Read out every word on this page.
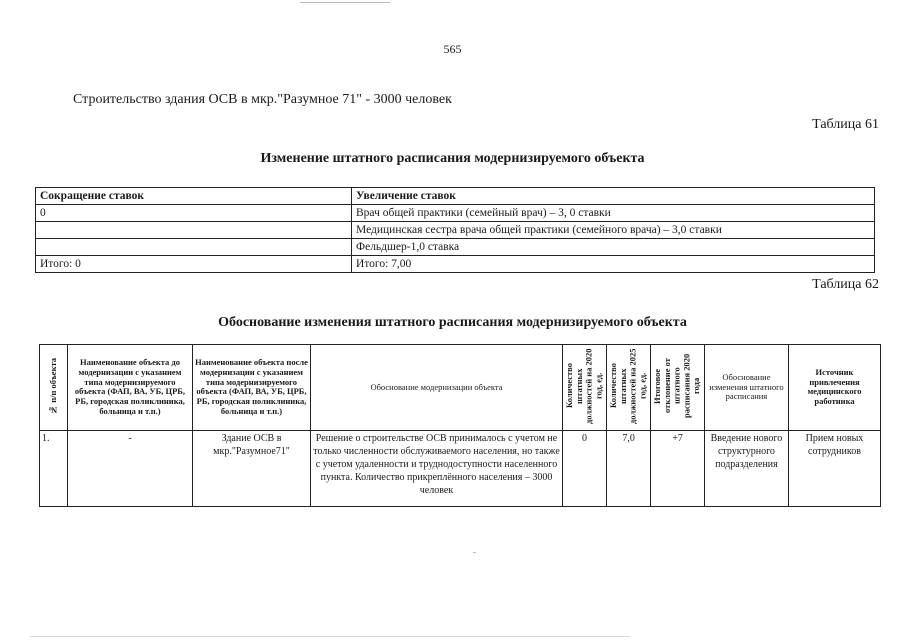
565
Строительство здания ОСВ в мкр."Разумное 71" - 3000 человек
Таблица 61
Изменение штатного расписания модернизируемого объекта
Сокращение ставок	Увеличение ставок
0	Врач общей практики (семейный врач) – 3, 0 ставки
	Медицинская сестра врача общей практики (семейного врача) – 3,0 ставки
	Фельдшер-1,0 ставка
Итого: 0	Итого: 7,00
Таблица 62
Обоснование изменения штатного расписания модернизируемого объекта
№ п/п объекта	Наименование объекта до модернизации с указанием типа модернизируемого объекта (ФАП, ВА, УБ, ЦРБ, РБ, городская поликлиника, больница и т.п.)	Наименование объекта после модернизации с указанием типа модернизируемого объекта (ФАП, ВА, УБ, ЦРБ, РБ, городская поликлиника, больница и т.п.)	Обоснование модернизации объекта	Количество штатных должностей на 2020 год, ед.	Количество штатных должностей на 2025 год, ед.	Итоговое отклонение от штатного расписания 2020 года	Обоснование изменения штатного расписания	Источник привлечения медицинского работника
1.	-	Здание ОСВ в мкр."Разумное71"	Решение о строительстве ОСВ принималось с учетом не только численности обслуживаемого населения, но также с учетом удаленности и труднодоступности населенного пункта. Количество прикреплённого населения – 3000 человек	0	7,0	+7	Введение нового структурного подразделения	Прием новых сотрудников
